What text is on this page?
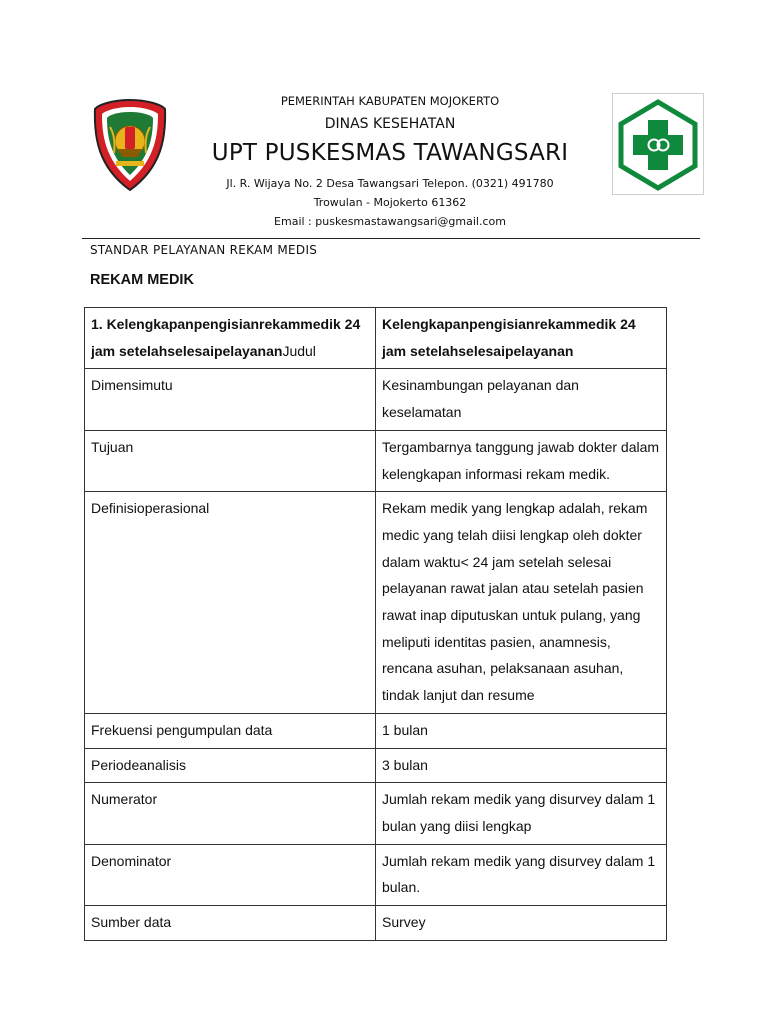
PEMERINTAH KABUPATEN MOJOKERTO
DINAS KESEHATAN
UPT PUSKESMAS TAWANGSARI
Jl. R. Wijaya No. 2 Desa Tawangsari Telepon. (0321) 491780
Trowulan - Mojokerto 61362
Email : puskesmastawangsari@gmail.com
STANDAR PELAYANAN REKAM MEDIS
REKAM MEDIK
1. Kelengkapanpengisianrekammedik 24 jam setelahselesaipelayananJudul	Kelengkapanpengisianrekammedik 24 jam setelahselesaipelayanan
Dimensimutu	Kesinambungan pelayanan dan keselamatan
Tujuan	Tergambarnya tanggung jawab dokter dalam kelengkapan informasi rekam medik.
Definisioperasional	Rekam medik yang lengkap adalah, rekam medic yang telah diisi lengkap oleh dokter dalam waktu< 24 jam setelah selesai pelayanan rawat jalan atau setelah pasien rawat inap diputuskan untuk pulang, yang meliputi identitas pasien, anamnesis, rencana asuhan, pelaksanaan asuhan, tindak lanjut dan resume
Frekuensi pengumpulan data	1 bulan
Periodeanalisis	3 bulan
Numerator	Jumlah rekam medik yang disurvey dalam 1 bulan yang diisi lengkap
Denominator	Jumlah rekam medik yang disurvey dalam 1 bulan.
Sumber data	Survey
